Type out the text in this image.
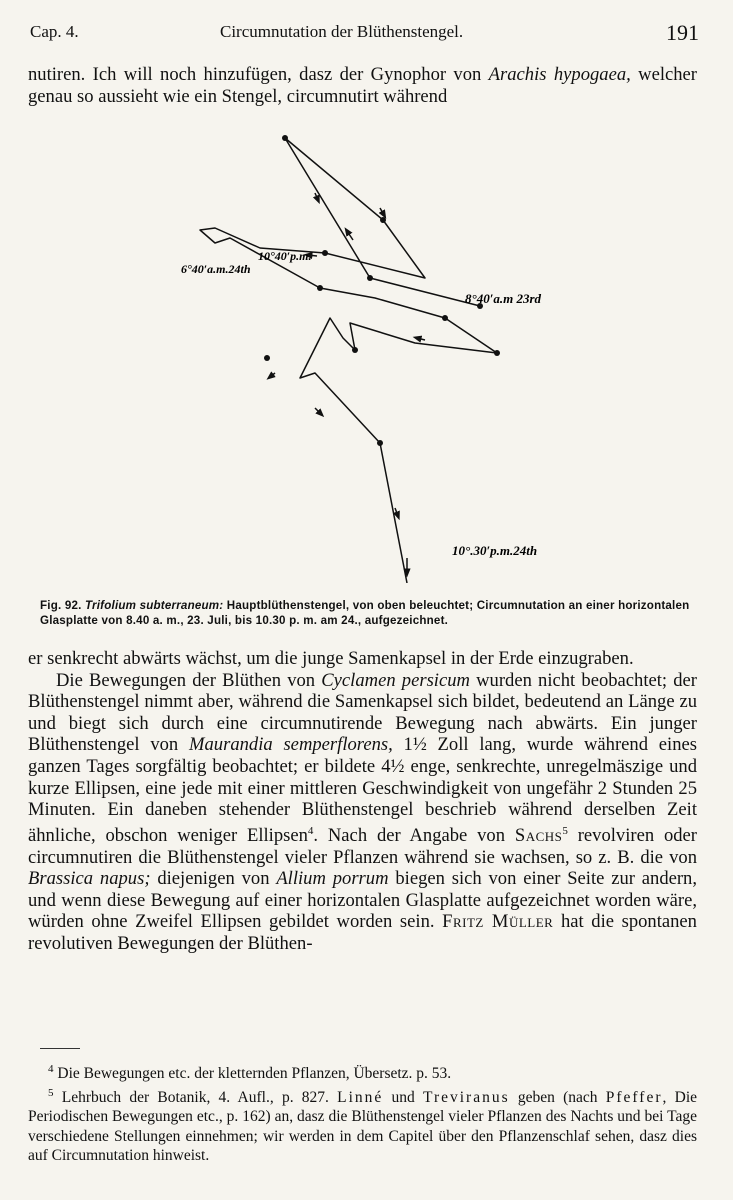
Cap. 4.	Circumnutation der Blüthenstengel.	191

nutiren. Ich will noch hinzufügen, dasz der Gynophor von Arachis hypogaea, welcher genau so aussieht wie ein Stengel, circumnutirt während

8°40′a.m 23rd
10°40′p.m.
6°40′a.m.24th
10°.30′p.m.24th
Fig. 92. Trifolium subterraneum: Hauptblüthenstengel, von oben beleuchtet; Circumnutation an einer horizontalen Glasplatte von 8.40 a. m., 23. Juli, bis 10.30 p. m. am 24., aufgezeichnet.

er senkrecht abwärts wächst, um die junge Samenkapsel in der Erde einzugraben.

Die Bewegungen der Blüthen von Cyclamen persicum wurden nicht beobachtet; der Blüthenstengel nimmt aber, während die Samenkapsel sich bildet, bedeutend an Länge zu und biegt sich durch eine circumnutirende Bewegung nach abwärts. Ein junger Blüthenstengel von Maurandia semperflorens, 1½ Zoll lang, wurde während eines ganzen Tages sorgfältig beobachtet; er bildete 4½ enge, senkrechte, unregelmäszige und kurze Ellipsen, eine jede mit einer mittleren Geschwindigkeit von ungefähr 2 Stunden 25 Minuten. Ein daneben stehender Blüthenstengel beschrieb während derselben Zeit ähnliche, obschon weniger Ellipsen$^4$. Nach der Angabe von Sachs$^5$ revolviren oder circumnutiren die Blüthenstengel vieler Pflanzen während sie wachsen, so z. B. die von Brassica napus; diejenigen von Allium porrum biegen sich von einer Seite zur andern, und wenn diese Bewegung auf einer horizontalen Glasplatte aufgezeichnet worden wäre, würden ohne Zweifel Ellipsen gebildet worden sein. Fritz Müller hat die spontanen revolutiven Bewegungen der Blüthen-

$^4$ Die Bewegungen etc. der kletternden Pflanzen, Übersetz. p. 53.

$^5$ Lehrbuch der Botanik, 4. Aufl., p. 827. Linné und Treviranus geben (nach Pfeffer, Die Periodischen Bewegungen etc., p. 162) an, dasz die Blüthenstengel vieler Pflanzen des Nachts und bei Tage verschiedene Stellungen einnehmen; wir werden in dem Capitel über den Pflanzenschlaf sehen, dasz dies auf Circumnutation hinweist.
